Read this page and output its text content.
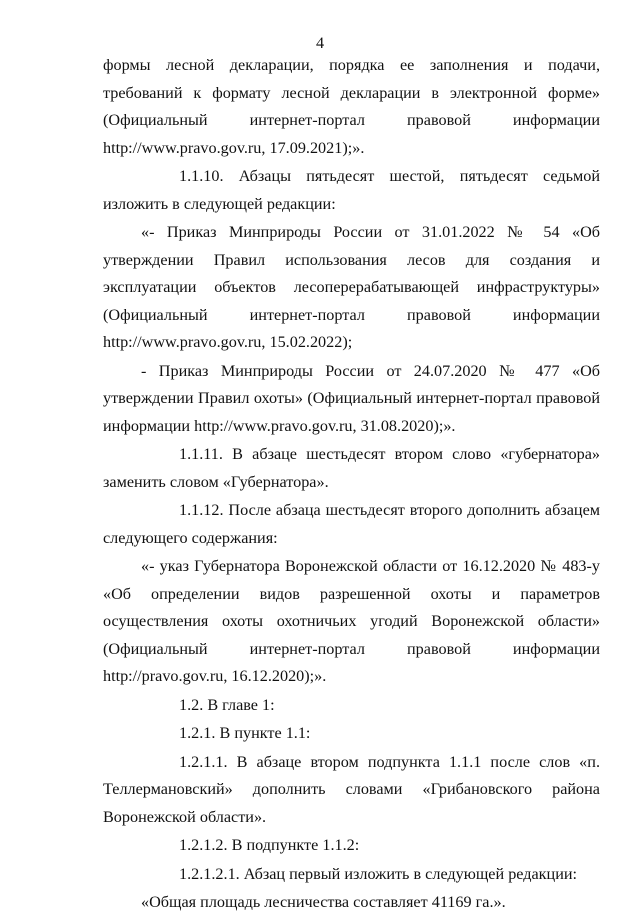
4

формы лесной декларации, порядка ее заполнения и подачи, требований к формату лесной декларации в электронной форме» (Официальный интернет-портал правовой информации http://www.pravo.gov.ru, 17.09.2021);».

1.1.10. Абзацы пятьдесят шестой, пятьдесят седьмой изложить в следующей редакции:

«- Приказ Минприроды России от 31.01.2022 № 54 «Об утверждении Правил использования лесов для создания и эксплуатации объектов лесоперерабатывающей инфраструктуры» (Официальный интернет-портал правовой информации http://www.pravo.gov.ru, 15.02.2022);

- Приказ Минприроды России от 24.07.2020 № 477 «Об утверждении Правил охоты» (Официальный интернет-портал правовой информации http://www.pravo.gov.ru, 31.08.2020);».

1.1.11. В абзаце шестьдесят втором слово «губернатора» заменить словом «Губернатора».

1.1.12. После абзаца шестьдесят второго дополнить абзацем следующего содержания:

«- указ Губернатора Воронежской области от 16.12.2020 № 483-у «Об определении видов разрешенной охоты и параметров осуществления охоты охотничьих угодий Воронежской области» (Официальный интернет-портал правовой информации http://pravo.gov.ru, 16.12.2020);».

1.2. В главе 1:

1.2.1. В пункте 1.1:

1.2.1.1. В абзаце втором подпункта 1.1.1 после слов «п. Теллермановский» дополнить словами «Грибановского района Воронежской области».

1.2.1.2. В подпункте 1.1.2:

1.2.1.2.1. Абзац первый изложить в следующей редакции:

«Общая площадь лесничества составляет 41169 га.».
